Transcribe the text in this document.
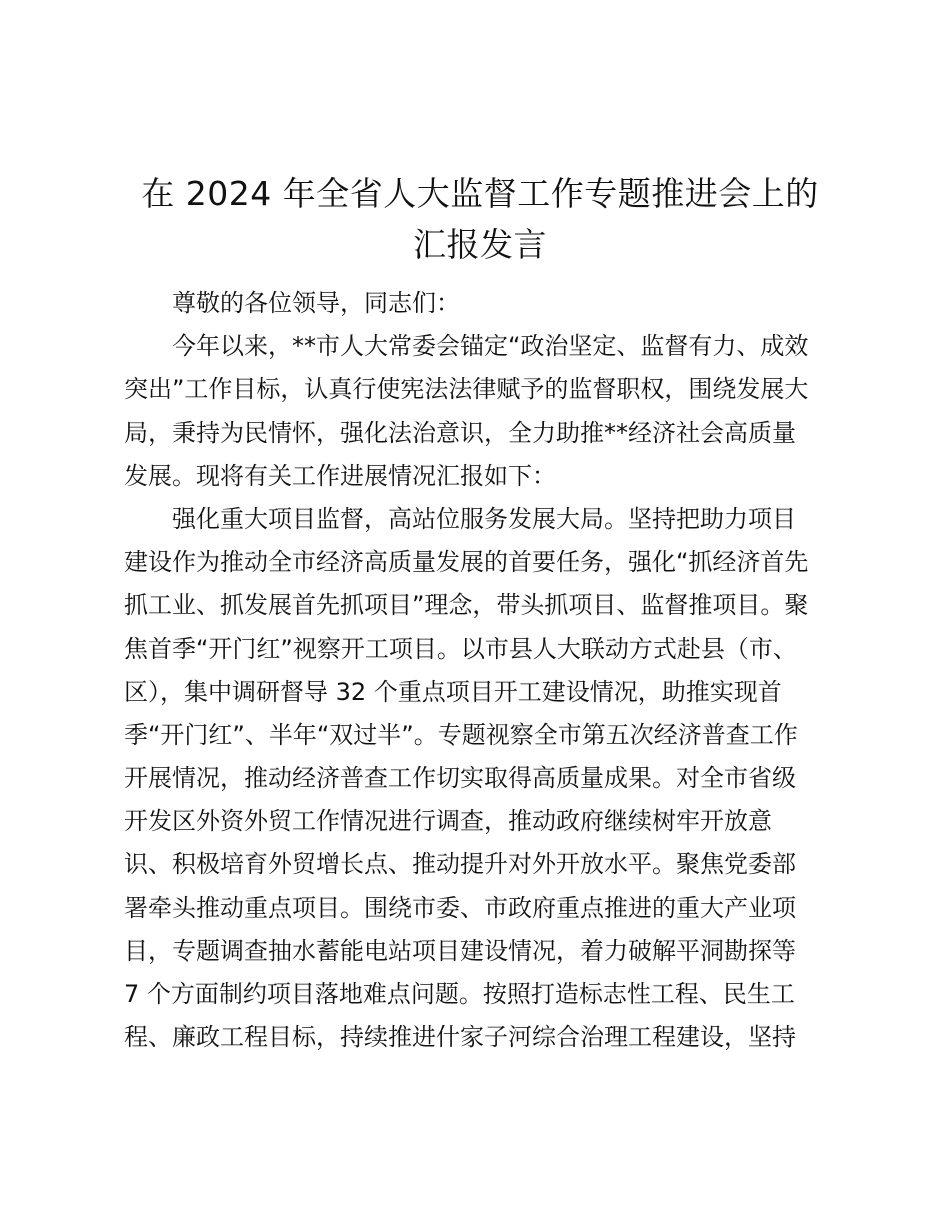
在 2024 年全省人大监督工作专题推进会上的
汇报发言

尊敬的各位领导，同志们：

今年以来，**市人大常委会锚定“政治坚定、监督有力、成效

突出”工作目标，认真行使宪法法律赋予的监督职权，围绕发展大

局，秉持为民情怀，强化法治意识，全力助推**经济社会高质量

发展。现将有关工作进展情况汇报如下：

强化重大项目监督，高站位服务发展大局。坚持把助力项目

建设作为推动全市经济高质量发展的首要任务，强化“抓经济首先

抓工业、抓发展首先抓项目”理念，带头抓项目、监督推项目。聚

焦首季“开门红”视察开工项目。以市县人大联动方式赴县（市、

区），集中调研督导 32 个重点项目开工建设情况，助推实现首

季“开门红”、半年“双过半”。专题视察全市第五次经济普查工作

开展情况，推动经济普查工作切实取得高质量成果。对全市省级

开发区外资外贸工作情况进行调查，推动政府继续树牢开放意

识、积极培育外贸增长点、推动提升对外开放水平。聚焦党委部

署牵头推动重点项目。围绕市委、市政府重点推进的重大产业项

目，专题调查抽水蓄能电站项目建设情况，着力破解平洞勘探等

7 个方面制约项目落地难点问题。按照打造标志性工程、民生工

程、廉政工程目标，持续推进什家子河综合治理工程建设，坚持
